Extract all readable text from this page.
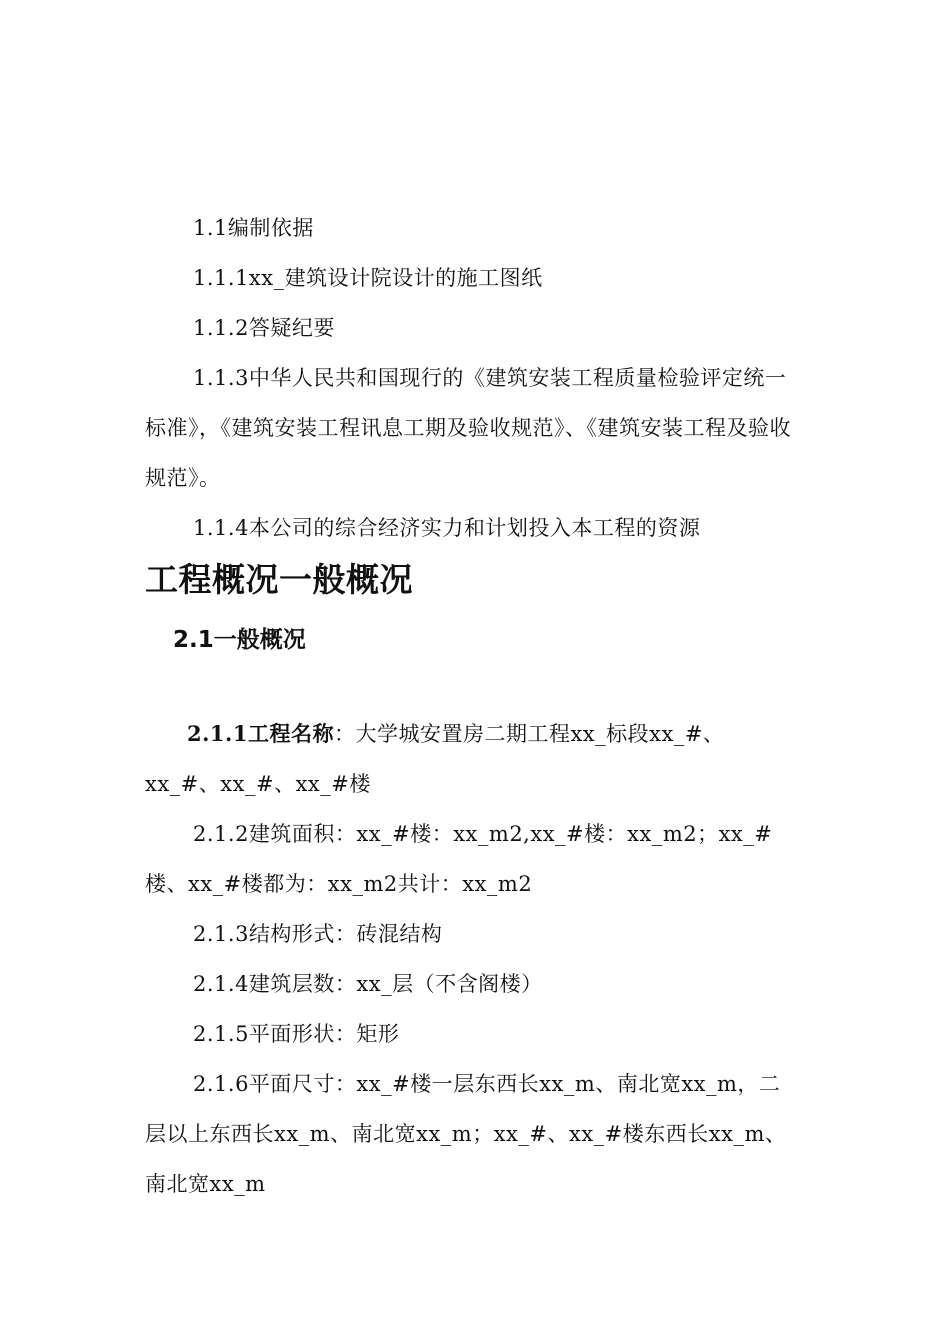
1.1编制依据

1.1.1xx_建筑设计院设计的施工图纸

1.1.2答疑纪要

1.1.3中华人民共和国现行的《建筑安装工程质量检验评定统一标准》，《建筑安装工程讯息工期及验收规范》、《建筑安装工程及验收规范》。

1.1.4本公司的综合经济实力和计划投入本工程的资源

工程概况一般概况
2.1一般概况

2.1.1工程名称：大学城安置房二期工程xx_标段xx_#、xx_#、xx_#、xx_#楼

2.1.2建筑面积：xx_#楼：xx_m2,xx_#楼：xx_m2；xx_#楼、xx_#楼都为：xx_m2共计：xx_m2

2.1.3结构形式：砖混结构

2.1.4建筑层数：xx_层（不含阁楼）

2.1.5平面形状：矩形

2.1.6平面尺寸：xx_#楼一层东西长xx_m、南北宽xx_m，二层以上东西长xx_m、南北宽xx_m；xx_#、xx_#楼东西长xx_m、南北宽xx_m
